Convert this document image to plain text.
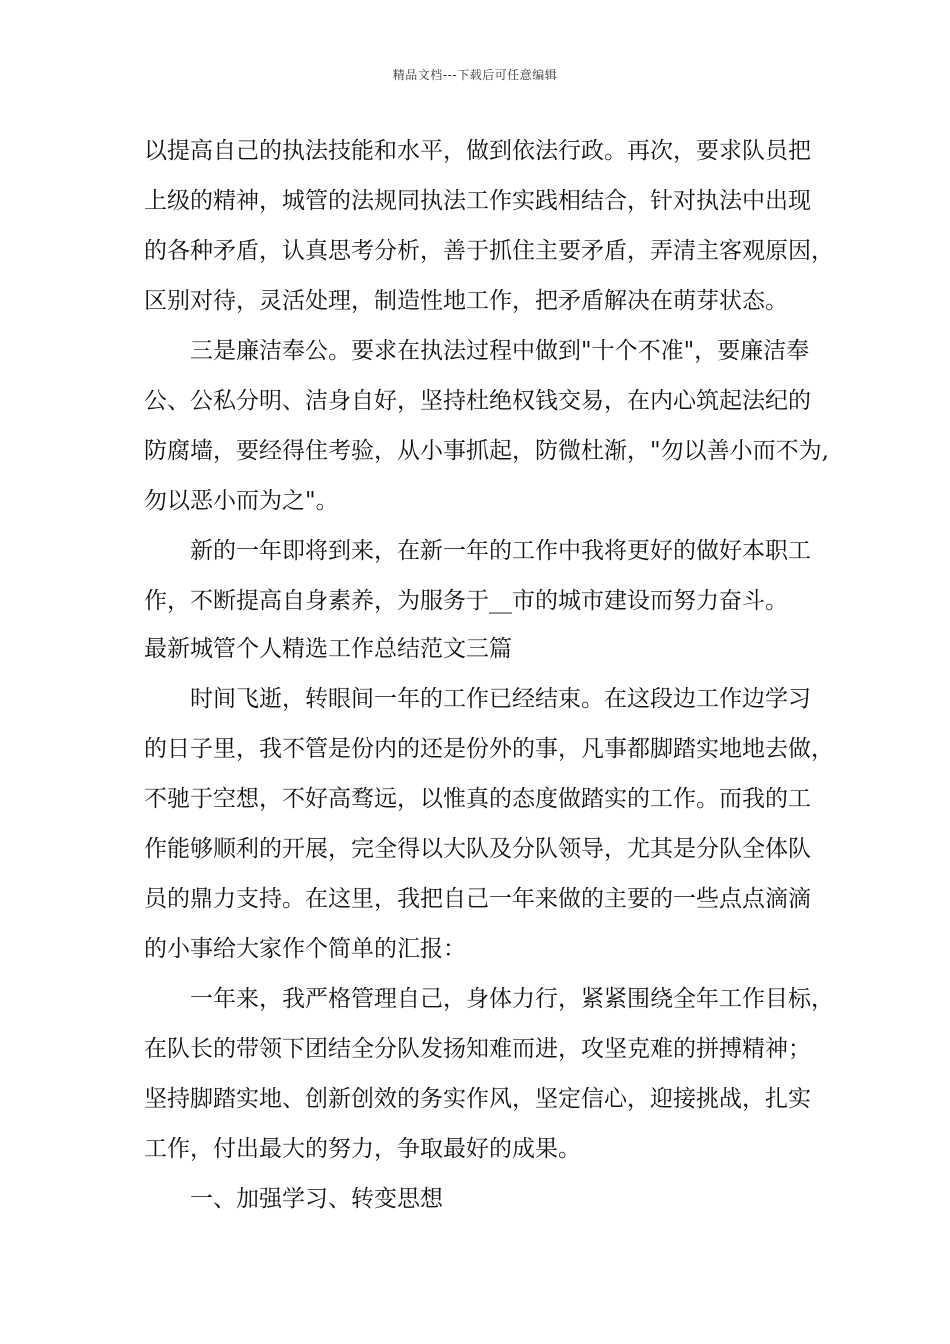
精品文档---下载后可任意编辑
以提高自己的执法技能和水平，做到依法行政。再次，要求队员把
上级的精神，城管的法规同执法工作实践相结合，针对执法中出现
的各种矛盾，认真思考分析，善于抓住主要矛盾，弄清主客观原因，
区别对待，灵活处理，制造性地工作，把矛盾解决在萌芽状态。
三是廉洁奉公。要求在执法过程中做到"十个不准"，要廉洁奉
公、公私分明、洁身自好，坚持杜绝权钱交易，在内心筑起法纪的
防腐墙，要经得住考验，从小事抓起，防微杜渐，"勿以善小而不为,
勿以恶小而为之"。
新的一年即将到来，在新一年的工作中我将更好的做好本职工
作，不断提高自身素养，为服务于__市的城市建设而努力奋斗。
最新城管个人精选工作总结范文三篇
时间飞逝，转眼间一年的工作已经结束。在这段边工作边学习
的日子里，我不管是份内的还是份外的事，凡事都脚踏实地地去做，
不驰于空想，不好高骛远，以惟真的态度做踏实的工作。而我的工
作能够顺利的开展，完全得以大队及分队领导，尤其是分队全体队
员的鼎力支持。在这里，我把自己一年来做的主要的一些点点滴滴
的小事给大家作个简单的汇报：
一年来，我严格管理自己，身体力行，紧紧围绕全年工作目标，
在队长的带领下团结全分队发扬知难而进，攻坚克难的拼搏精神；
坚持脚踏实地、创新创效的务实作风，坚定信心，迎接挑战，扎实
工作，付出最大的努力，争取最好的成果。
一、加强学习、转变思想
